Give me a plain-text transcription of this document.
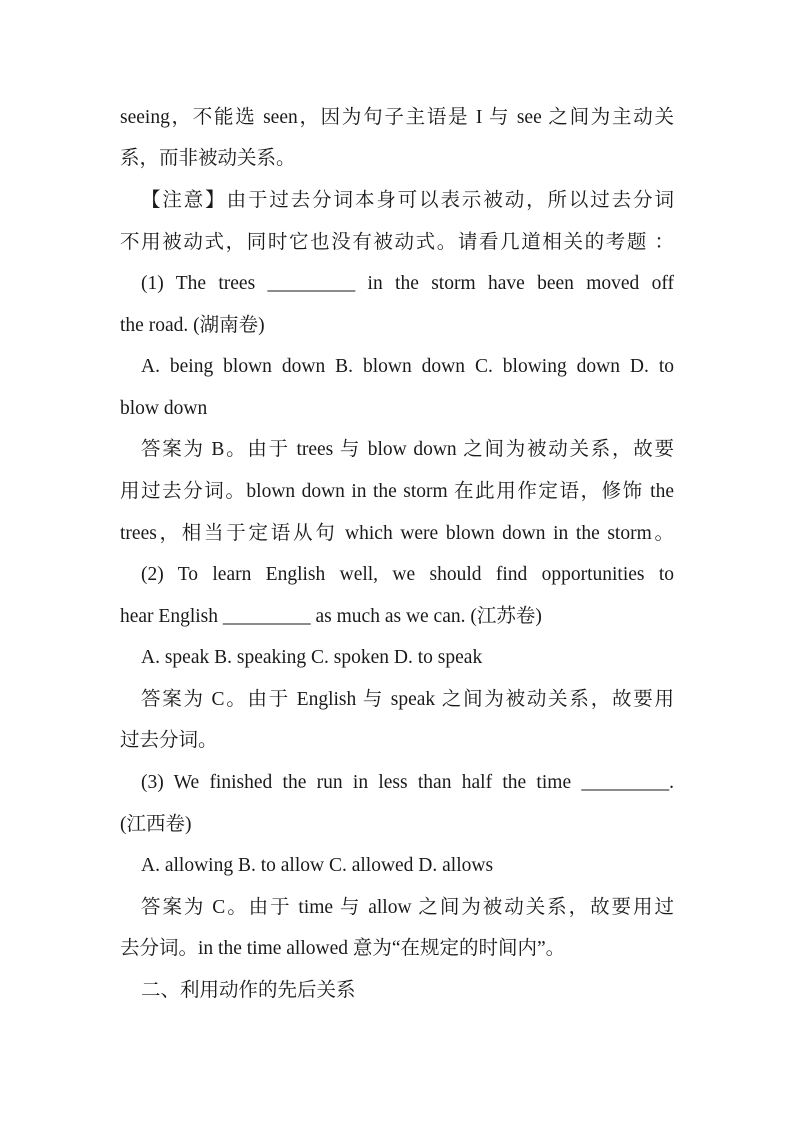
seeing，不能选 seen，因为句子主语是 I 与 see 之间为主动关
系，而非被动关系。
【注意】由于过去分词本身可以表示被动，所以过去分词
不用被动式，同时它也没有被动式。请看几道相关的考题 ：
(1) The trees _________ in the storm have been moved off
the road. (湖南卷)
A. being blown down B. blown down C. blowing down D. to
blow down
答案为 B。由于 trees 与 blow down 之间为被动关系，故要
用过去分词。blown down in the storm 在此用作定语，修饰 the
trees，相当于定语从句 which were blown down in the storm。
(2) To learn English well, we should find opportunities to
hear English _________ as much as we can. (江苏卷)
A. speak B. speaking C. spoken D. to speak
答案为 C。由于 English 与 speak 之间为被动关系，故要用
过去分词。
(3) We finished the run in less than half the time _________.
(江西卷)
A. allowing B. to allow C. allowed D. allows
答案为 C。由于 time 与 allow 之间为被动关系，故要用过
去分词。in the time allowed 意为“在规定的时间内”。
二、利用动作的先后关系
